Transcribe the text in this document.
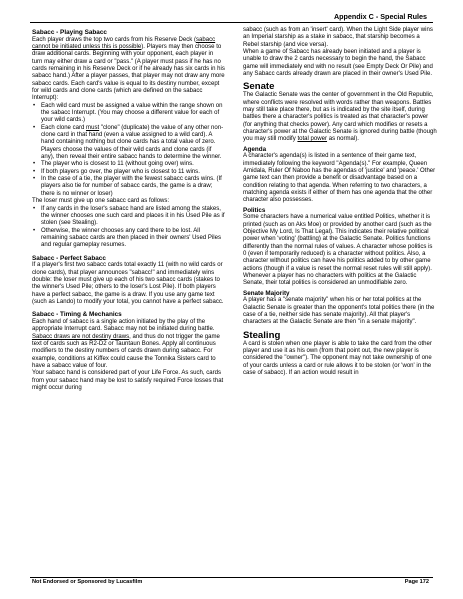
Appendix C - Special Rules
Sabacc - Playing Sabacc

Each player draws the top two cards from his Reserve Deck (sabacc cannot be initiated unless this is possible). Players may then choose to draw additional cards. Beginning with your opponent, each player in turn may either draw a card or "pass." (A player must pass if he has no cards remaining in his Reserve Deck or if he already has six cards in his sabacc hand.) After a player passes, that player may not draw any more sabacc cards. Each card's value is equal to its destiny number, except for wild cards and clone cards (which are defined on the sabacc Interrupt):

• Each wild card must be assigned a value within the range shown on the sabacc Interrupt. (You may choose a different value for each of your wild cards.)
• Each clone card must "clone" (duplicate) the value of any other non-clone card in that hand (even a value assigned to a wild card). A hand containing nothing but clone cards has a total value of zero. Players choose the values of their wild cards and clone cards (if any), then reveal their entire sabacc hands to determine the winner.
• The player who is closest to 11 (without going over) wins.
• If both players go over, the player who is closest to 11 wins.
• In the case of a tie, the player with the fewest sabacc cards wins. (If players also tie for number of sabacc cards, the game is a draw; there is no winner or loser)

The loser must give up one sabacc card as follows:

• If any cards in the loser's sabacc hand are listed among the stakes, the winner chooses one such card and places it in his Used Pile as if stolen (see Stealing).
• Otherwise, the winner chooses any card there to be lost. All remaining sabacc cards are then placed in their owners' Used Piles and regular gameplay resumes.
Sabacc - Perfect Sabacc

If a player's first two sabacc cards total exactly 11 (with no wild cards or clone cards), that player announces "sabacc!" and immediately wins double: the loser must give up each of his two sabacc cards (stakes to the winner's Used Pile; others to the loser's Lost Pile). If both players have a perfect sabacc, the game is a draw. If you use any game text (such as Lando) to modify your total, you cannot have a perfect sabacc.

Sabacc - Timing & Mechanics

Each hand of sabacc is a single action initiated by the play of the appropriate Interrupt card. Sabacc may not be initiated during battle. Sabacc draws are not destiny draws, and thus do not trigger the game text of cards such as R2-D2 or Tauntaun Bones. Apply all continuous modifiers to the destiny numbers of cards drawn during sabacc. For example, conditions at Kiffex could cause the Tonnika Sisters card to have a sabacc value of four.

Your sabacc hand is considered part of your Life Force. As such, cards from your sabacc hand may be lost to satisfy required Force losses that might occur during

sabacc (such as from an 'insert' card). When the Light Side player wins an Imperial starship as a stake in sabacc, that starship becomes a Rebel starship (and vice versa).

When a game of Sabacc has already been initiated and a player is unable to draw the 2 cards necessary to begin the hand, the Sabacc game will immediately end with no result (see Empty Deck Or Pile) and any Sabacc cards already drawn are placed in their owner's Used Pile.

Senate

The Galactic Senate was the center of government in the Old Republic, where conflicts were resolved with words rather than weapons. Battles may still take place there, but as is indicated by the site itself, during battles there a character's politics is treated as that character's power (for anything that checks power). Any card which modifies or resets a character's power at the Galactic Senate is ignored during battle (though you may still modify total power as normal).

Agenda

A character's agenda(s) is listed in a sentence of their game text, immediately following the keyword "Agenda(s)." For example, Queen Amidala, Ruler Of Naboo has the agendas of 'justice' and 'peace.' Other game text can then provide a benefit or disadvantage based on a condition relating to that agenda. When referring to two characters, a matching agenda exists if either of them has one agenda that the other character also possesses.

Politics

Some characters have a numerical value entitled Politics, whether it is printed (such as on Aks Moe) or provided by another card (such as the Objective My Lord, Is That Legal). This indicates their relative political power when 'voting' (battling) at the Galactic Senate. Politics functions differently than the normal rules of values. A character whose politics is 0 (even if temporarily reduced) is a character without politics. Also, a character without politics can have his politics added to by other game actions (though if a value is reset the normal reset rules will still apply). Whenever a player has no characters with politics at the Galactic Senate, their total politics is considered an unmodifiable zero.

Senate Majority

A player has a "senate majority" when his or her total politics at the Galactic Senate is greater than the opponent's total politics there (in the case of a tie, neither side has senate majority). All that player's characters at the Galactic Senate are then "in a senate majority".

Stealing

A card is stolen when one player is able to take the card from the other player and use it as his own (from that point out, the new player is considered the "owner"). The opponent may not take ownership of one of your cards unless a card or rule allows it to be stolen (or 'won' in the case of sabacc). If an action would result in

Not Endorsed or Sponsored by Lucasfilm	Page 172
